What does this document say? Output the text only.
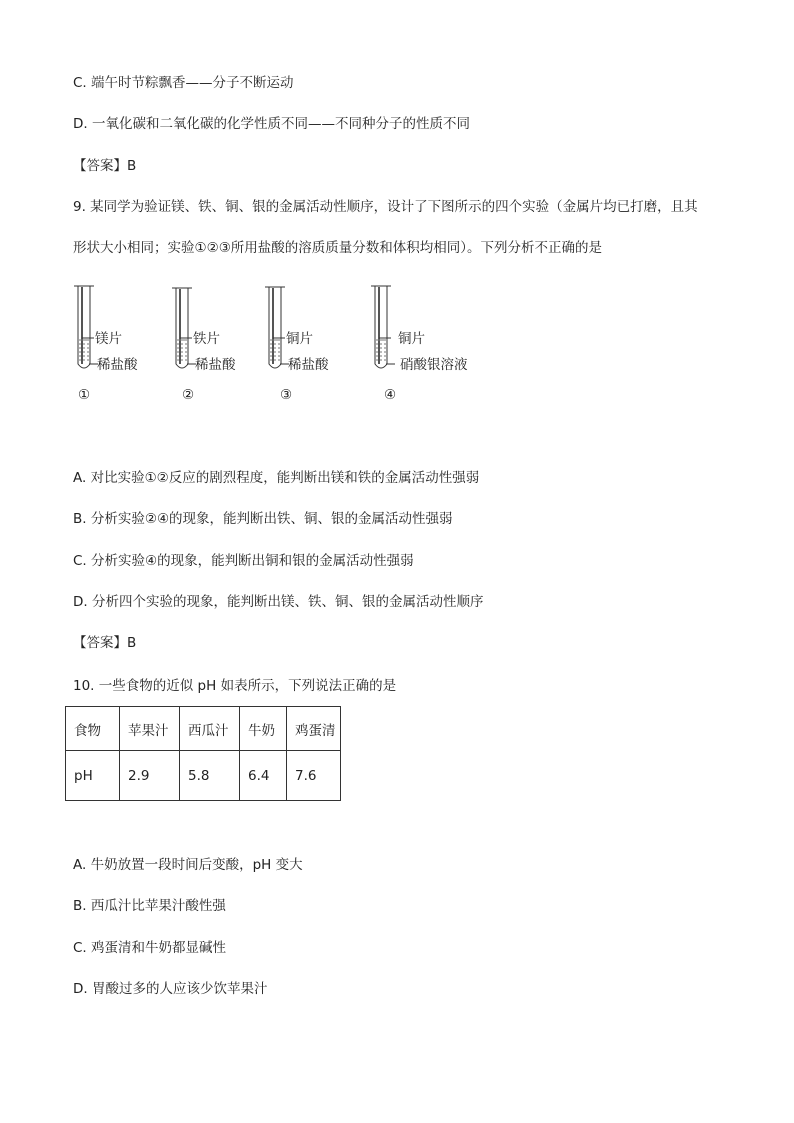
C. 端午时节粽飘香——分子不断运动
D. 一氧化碳和二氧化碳的化学性质不同——不同种分子的性质不同
【答案】B
9. 某同学为验证镁、铁、铜、银的金属活动性顺序，设计了下图所示的四个实验（金属片均已打磨，且其
形状大小相同；实验①②③所用盐酸的溶质质量分数和体积均相同）。下列分析不正确的是
镁片
稀盐酸
①
铁片
稀盐酸
②
铜片
稀盐酸
③
铜片
硝酸银溶液
④
A. 对比实验①②反应的剧烈程度，能判断出镁和铁的金属活动性强弱
B. 分析实验②④的现象，能判断出铁、铜、银的金属活动性强弱
C. 分析实验④的现象，能判断出铜和银的金属活动性强弱
D. 分析四个实验的现象，能判断出镁、铁、铜、银的金属活动性顺序
【答案】B
10. 一些食物的近似 pH 如表所示，下列说法正确的是
食物	苹果汁	西瓜汁	牛奶	鸡蛋清
pH	2.9	5.8	6.4	7.6
A. 牛奶放置一段时间后变酸，pH 变大
B. 西瓜汁比苹果汁酸性强
C. 鸡蛋清和牛奶都显碱性
D. 胃酸过多的人应该少饮苹果汁
